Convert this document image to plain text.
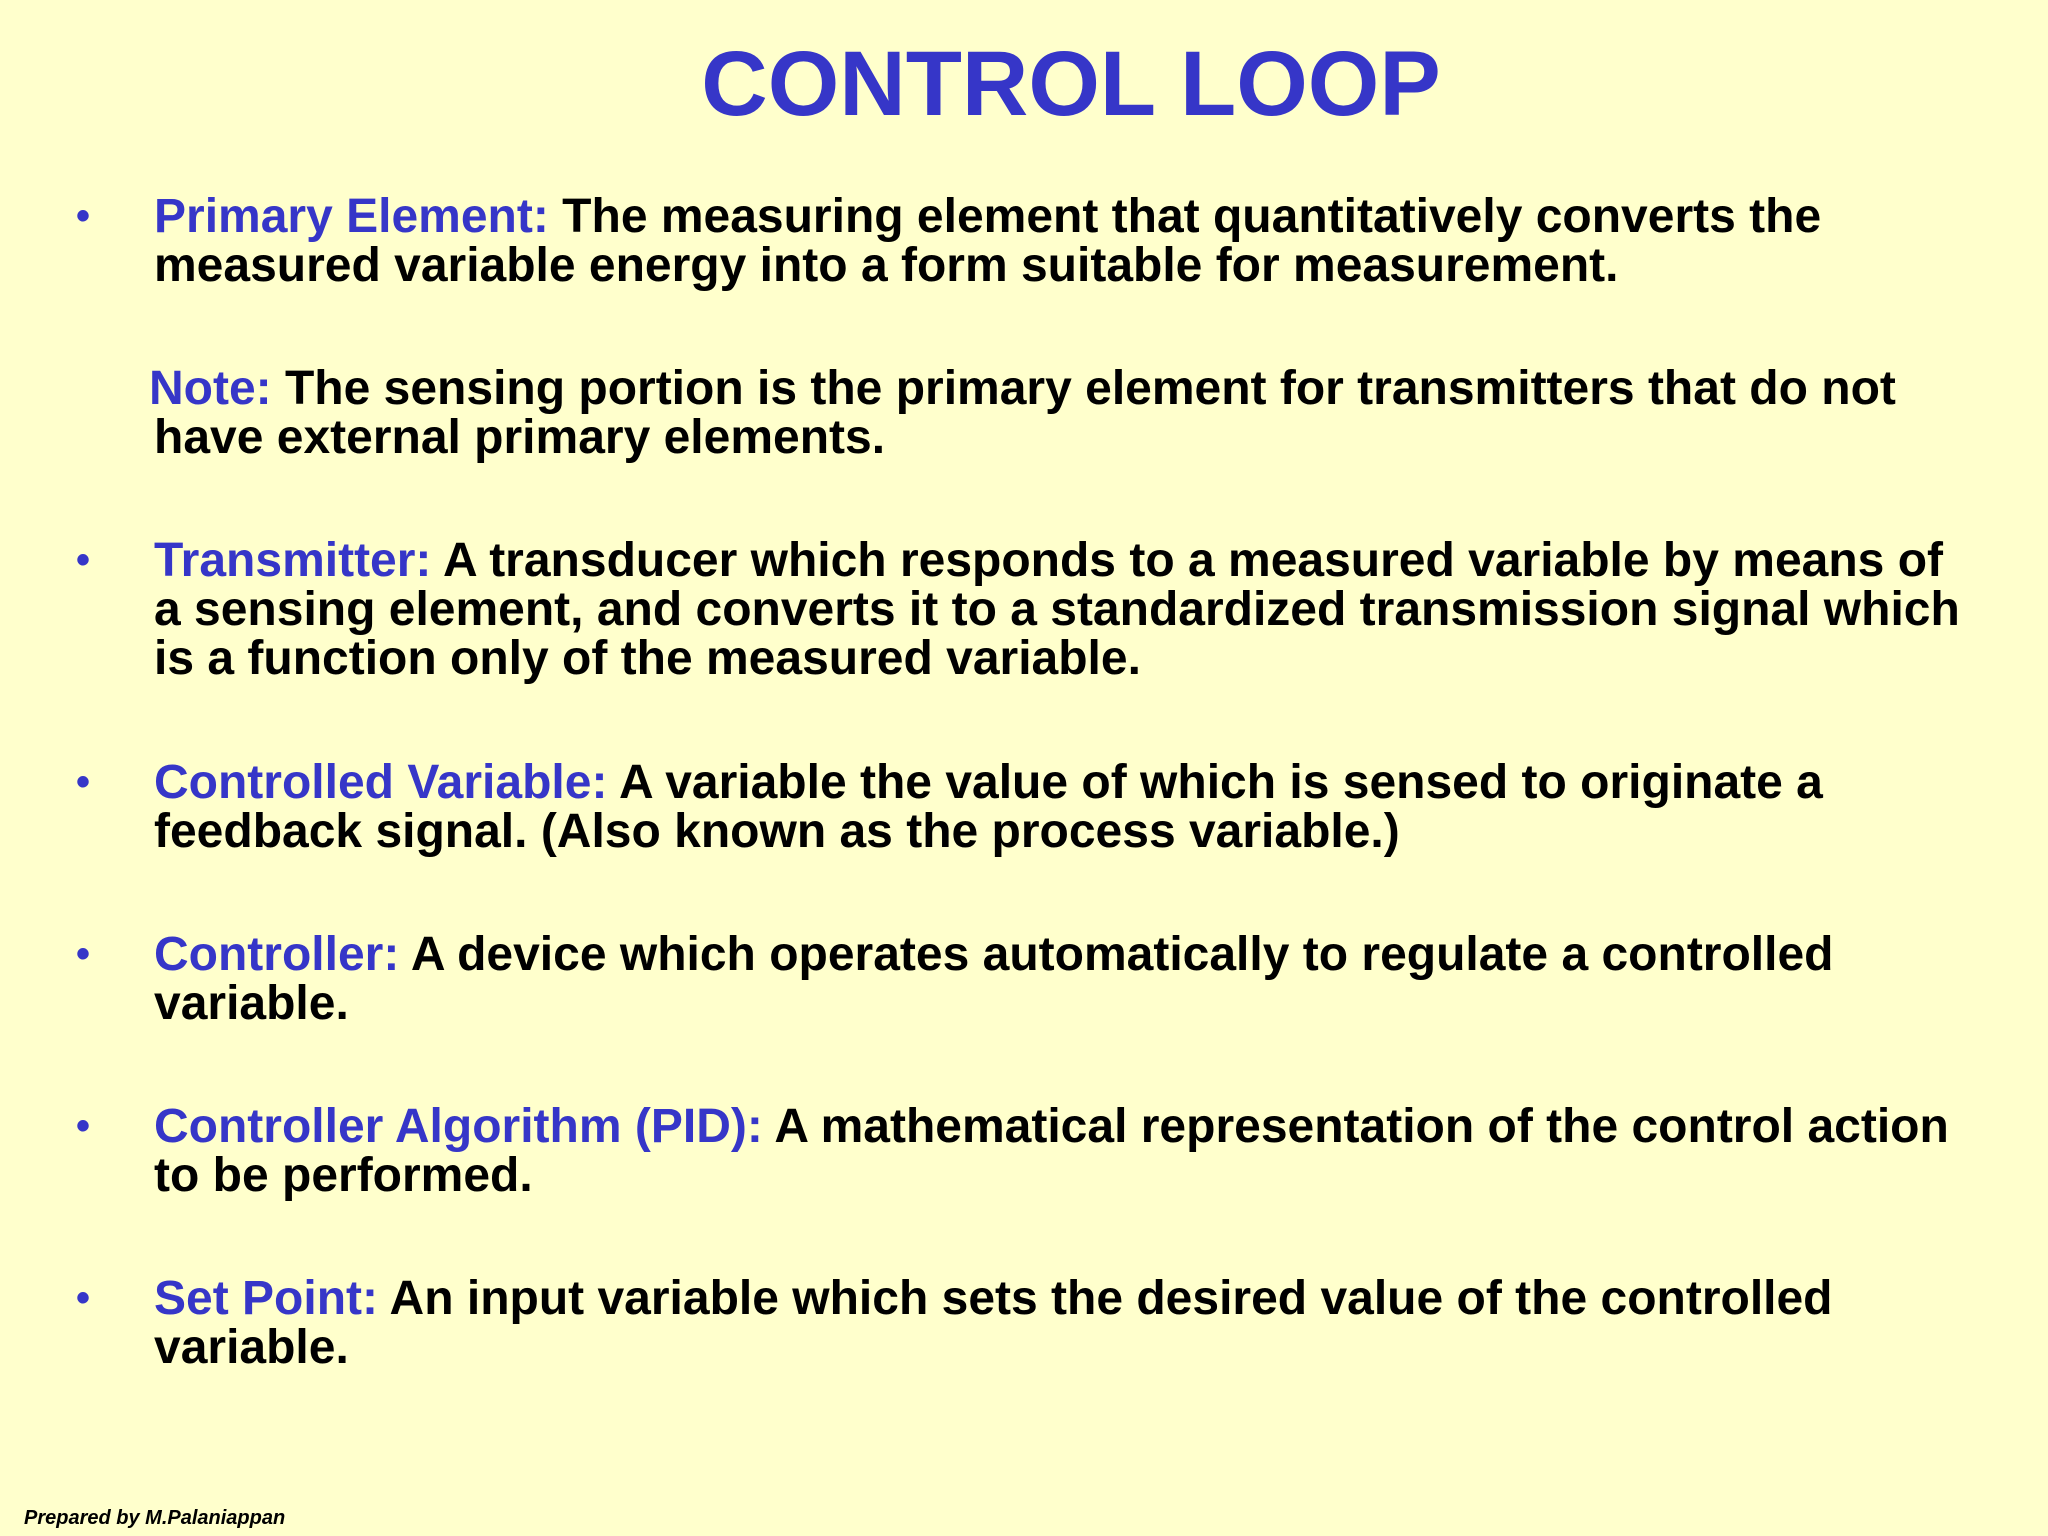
CONTROL LOOP
• Primary Element: The measuring element that quantitatively converts the measured variable energy into a form suitable for measurement.
Note: The sensing portion is the primary element for transmitters that do not have external primary elements.
• Transmitter: A transducer which responds to a measured variable by means of a sensing element, and converts it to a standardized transmission signal which is a function only of the measured variable.
• Controlled Variable: A variable the value of which is sensed to originate a feedback signal. (Also known as the process variable.)
• Controller: A device which operates automatically to regulate a controlled variable.
• Controller Algorithm (PID): A mathematical representation of the control action to be performed.
• Set Point: An input variable which sets the desired value of the controlled variable.
Prepared by M.Palaniappan
